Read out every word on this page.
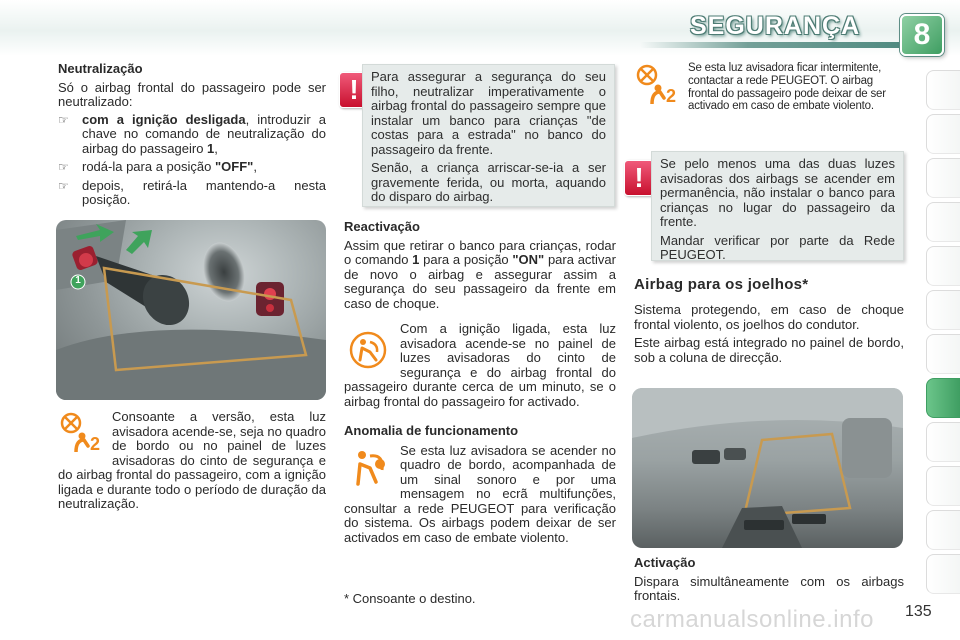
SEGURANÇA	8

Neutralização

Só o airbag frontal do passageiro pode ser neutralizado:

☞ com a ignição desligada, introduzir a chave no comando de neutralização do airbag do passageiro 1,
☞ rodá-la para a posição "OFF",
☞ depois, retirá-la mantendo-a nesta posição.
1
2
Consoante a versão, esta luz avisadora acende-se, seja no quadro de bordo ou no painel de luzes avisadoras do cinto de segurança e do airbag frontal do passageiro, com a ignição ligada e durante todo o período de duração da neutralização.
! Para assegurar a segurança do seu filho, neutralizar imperativamente o airbag frontal do passageiro sempre que instalar um banco para crianças "de costas para a estrada" no banco do passageiro da frente.

Senão, a criança arriscar-se-ia a ser gravemente ferida, ou morta, aquando do disparo do airbag.

Reactivação

Assim que retirar o banco para crianças, rodar o comando 1 para a posição "ON" para activar de novo o airbag e assegurar assim a segurança do seu passageiro da frente em caso de choque.

Com a ignição ligada, esta luz avisadora acende-se no painel de luzes avisadoras do cinto de segurança e do airbag frontal do passageiro durante cerca de um minuto, se o airbag frontal do passageiro for activado.

Anomalia de funcionamento

Se esta luz avisadora se acender no quadro de bordo, acompanhada de um sinal sonoro e por uma mensagem no ecrã multifunções, consultar a rede PEUGEOT para verificação do sistema. Os airbags podem deixar de ser activados em caso de embate violento.

* Consoante o destino.
2
Se esta luz avisadora ficar intermitente, contactar a rede PEUGEOT. O airbag frontal do passageiro pode deixar de ser activado em caso de embate violento.
!	Se pelo menos uma das duas luzes avisadoras dos airbags se acender em permanência, não instalar o banco para crianças no lugar do passageiro da frente.

Mandar verificar por parte da Rede PEUGEOT.

Airbag para os joelhos*

Sistema protegendo, em caso de choque frontal violento, os joelhos do condutor.

Este airbag está integrado no painel de bordo, sob a coluna de direcção.

Activação

Dispara simultâneamente com os airbags frontais.

carmanualsonline.info 135
